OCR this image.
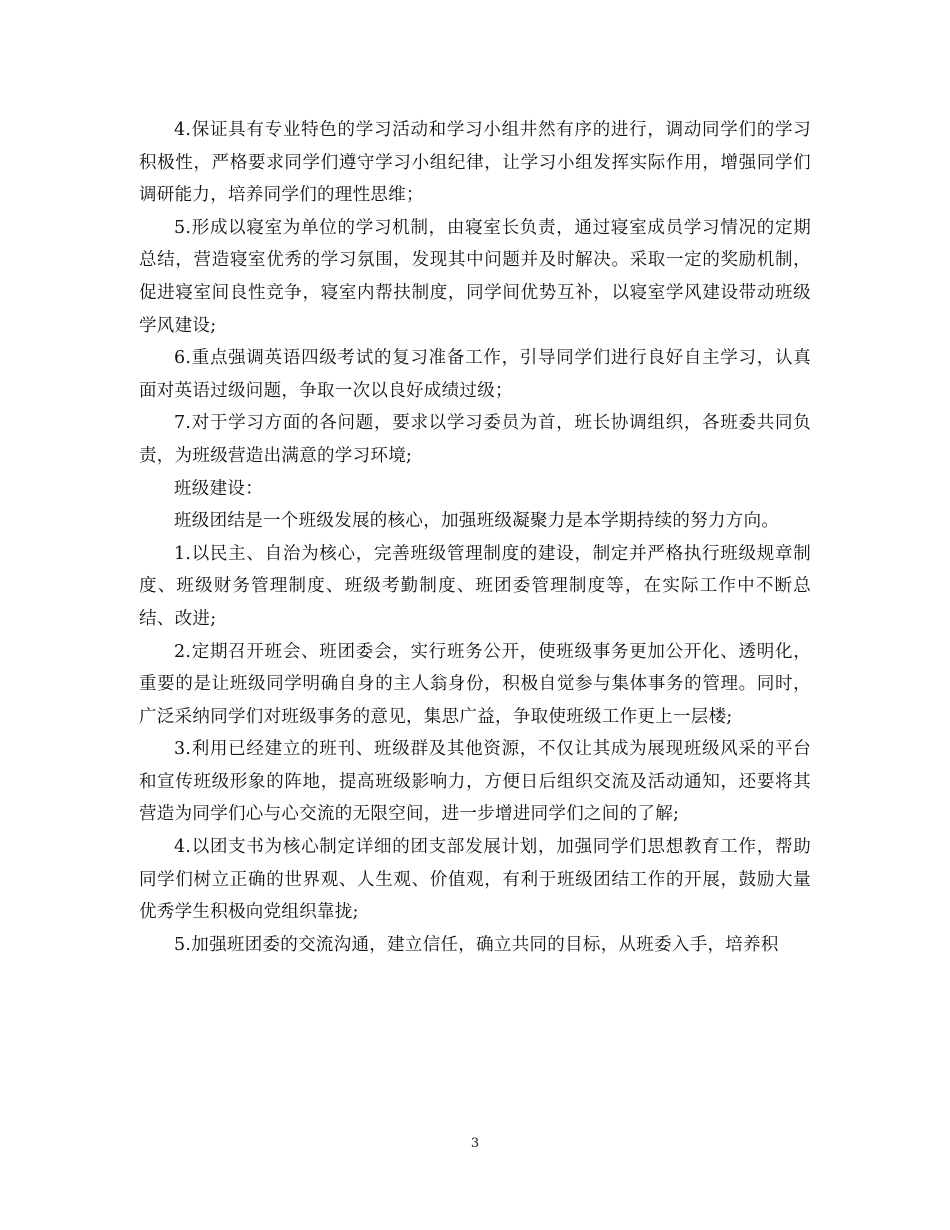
4.保证具有专业特色的学习活动和学习小组井然有序的进行，调动同学们的学习积极性，严格要求同学们遵守学习小组纪律，让学习小组发挥实际作用，增强同学们调研能力，培养同学们的理性思维；

5.形成以寝室为单位的学习机制，由寝室长负责，通过寝室成员学习情况的定期总结，营造寝室优秀的学习氛围，发现其中问题并及时解决。采取一定的奖励机制，促进寝室间良性竞争，寝室内帮扶制度，同学间优势互补，以寝室学风建设带动班级学风建设;

6.重点强调英语四级考试的复习准备工作，引导同学们进行良好自主学习，认真面对英语过级问题，争取一次以良好成绩过级；

7.对于学习方面的各问题，要求以学习委员为首，班长协调组织，各班委共同负责，为班级营造出满意的学习环境;

班级建设：

班级团结是一个班级发展的核心，加强班级凝聚力是本学期持续的努力方向。

1.以民主、自治为核心，完善班级管理制度的建设，制定并严格执行班级规章制度、班级财务管理制度、班级考勤制度、班团委管理制度等，在实际工作中不断总结、改进;

2.定期召开班会、班团委会，实行班务公开，使班级事务更加公开化、透明化，重要的是让班级同学明确自身的主人翁身份，积极自觉参与集体事务的管理。同时，广泛采纳同学们对班级事务的意见，集思广益，争取使班级工作更上一层楼;

3.利用已经建立的班刊、班级群及其他资源，不仅让其成为展现班级风采的平台和宣传班级形象的阵地，提高班级影响力，方便日后组织交流及活动通知，还要将其营造为同学们心与心交流的无限空间，进一步增进同学们之间的了解;

4.以团支书为核心制定详细的团支部发展计划，加强同学们思想教育工作，帮助同学们树立正确的世界观、人生观、价值观，有利于班级团结工作的开展，鼓励大量优秀学生积极向党组织靠拢;

5.加强班团委的交流沟通，建立信任，确立共同的目标，从班委入手，培养积

3
